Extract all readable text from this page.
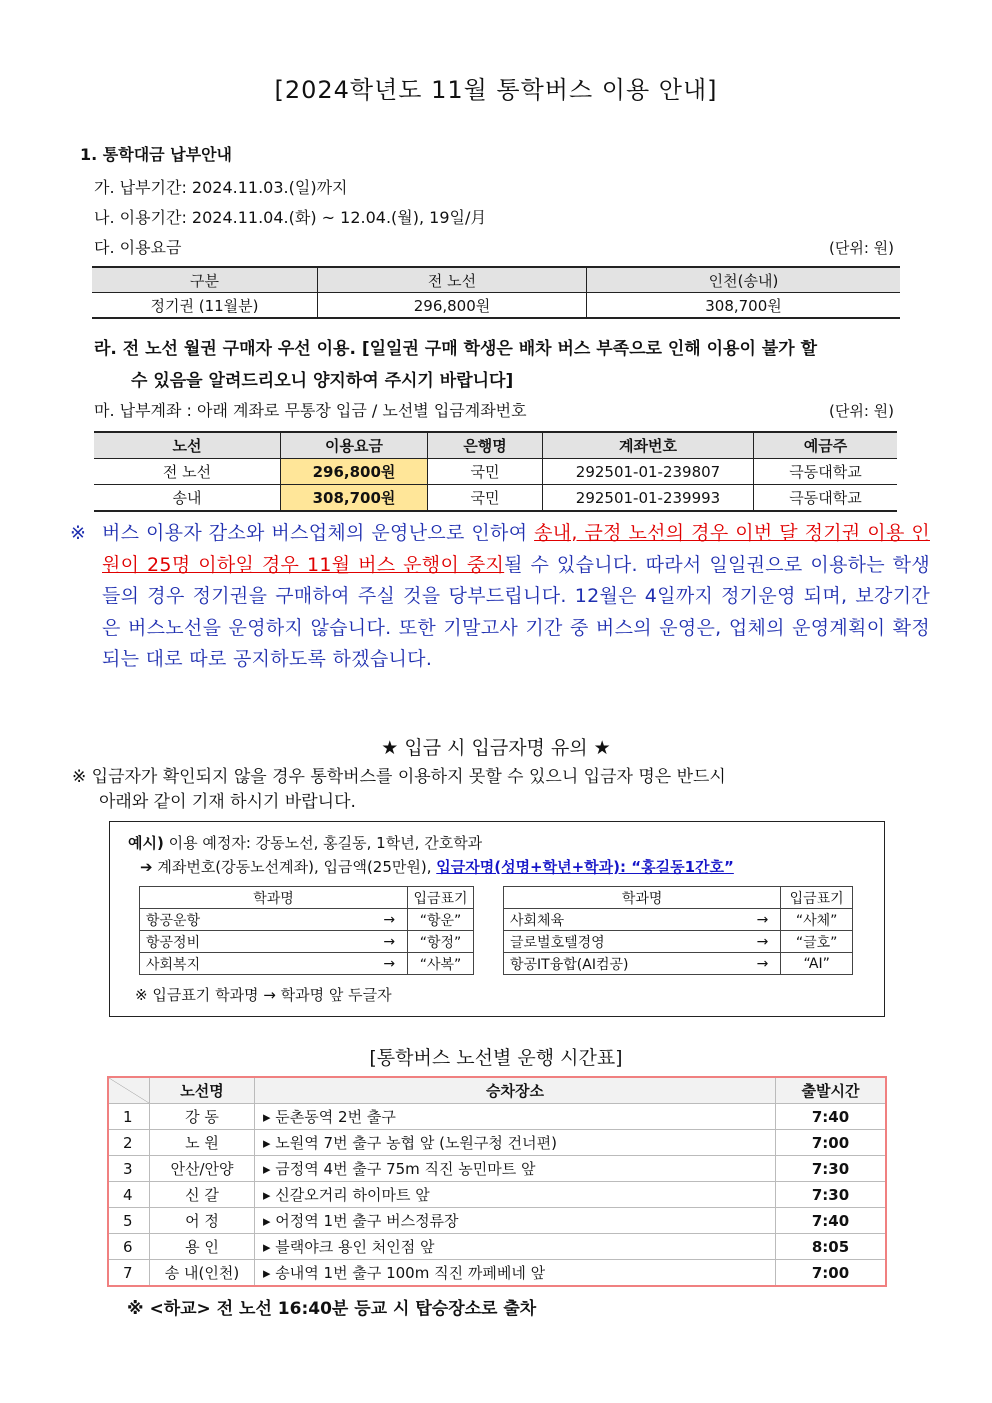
[2024학년도 11월 통학버스 이용 안내]
1. 통학대금 납부안내
가. 납부기간: 2024.11.03.(일)까지
나. 이용기간: 2024.11.04.(화) ~ 12.04.(월), 19일/月
다. 이용요금	(단위: 원)
구분	전 노선	인천(송내)
정기권 (11월분)	296,800원	308,700원
라. 전 노선 월권 구매자 우선 이용. [일일권 구매 학생은 배차 버스 부족으로 인해 이용이 불가 할
수 있음을 알려드리오니 양지하여 주시기 바랍니다]
마. 납부계좌 : 아래 계좌로 무통장 입금 / 노선별 입금계좌번호	(단위: 원)
노선	이용요금	은행명	계좌번호	예금주
전 노선	296,800원	국민	292501-01-239807	극동대학교
송내	308,700원	국민	292501-01-239993	극동대학교
※ 버스 이용자 감소와 버스업체의 운영난으로 인하여 송내, 금정 노선의 경우 이번 달 정기권 이용 인원이 25명 이하일 경우 11월 버스 운행이 중지될 수 있습니다. 따라서 일일권으로 이용하는 학생들의 경우 정기권을 구매하여 주실 것을 당부드립니다. 12월은 4일까지 정기운영 되며, 보강기간은 버스노선을 운영하지 않습니다. 또한 기말고사 기간 중 버스의 운영은, 업체의 운영계획이 확정되는 대로 따로 공지하도록 하겠습니다.
★ 입금 시 입금자명 유의 ★
※ 입금자가 확인되지 않을 경우 통학버스를 이용하지 못할 수 있으니 입금자 명은 반드시
아래와 같이 기재 하시기 바랍니다.
예시) 이용 예정자: 강동노선, 홍길동, 1학년, 간호학과
➔ 계좌번호(강동노선계좌), 입금액(25만원), 입금자명(성명+학년+학과): “홍길동1간호”
학과명		입금표기
항공운항	→	“항운”
항공정비	→	“항정”
사회복지	→	“사복”
학과명		입금표기
사회체육	→	“사체”
글로벌호텔경영	→	“글호”
항공IT융합(AI컴공)	→	“AI”
※ 입금표기 학과명 → 학과명 앞 두글자
[통학버스 노선별 운행 시간표]
	노선명	승차장소	출발시간
1	강 동	▸ 둔촌동역 2번 출구	7:40
2	노 원	▸ 노원역 7번 출구 농협 앞 (노원구청 건너편)	7:00
3	안산/안양	▸ 금정역 4번 출구 75m 직진 농민마트 앞	7:30
4	신 갈	▸ 신갈오거리 하이마트 앞	7:30
5	어 정	▸ 어정역 1번 출구 버스정류장	7:40
6	용 인	▸ 블랙야크 용인 처인점 앞	8:05
7	송 내(인천)	▸ 송내역 1번 출구 100m 직진 까페베네 앞	7:00
※ <하교> 전 노선 16:40분 등교 시 탑승장소로 출차
